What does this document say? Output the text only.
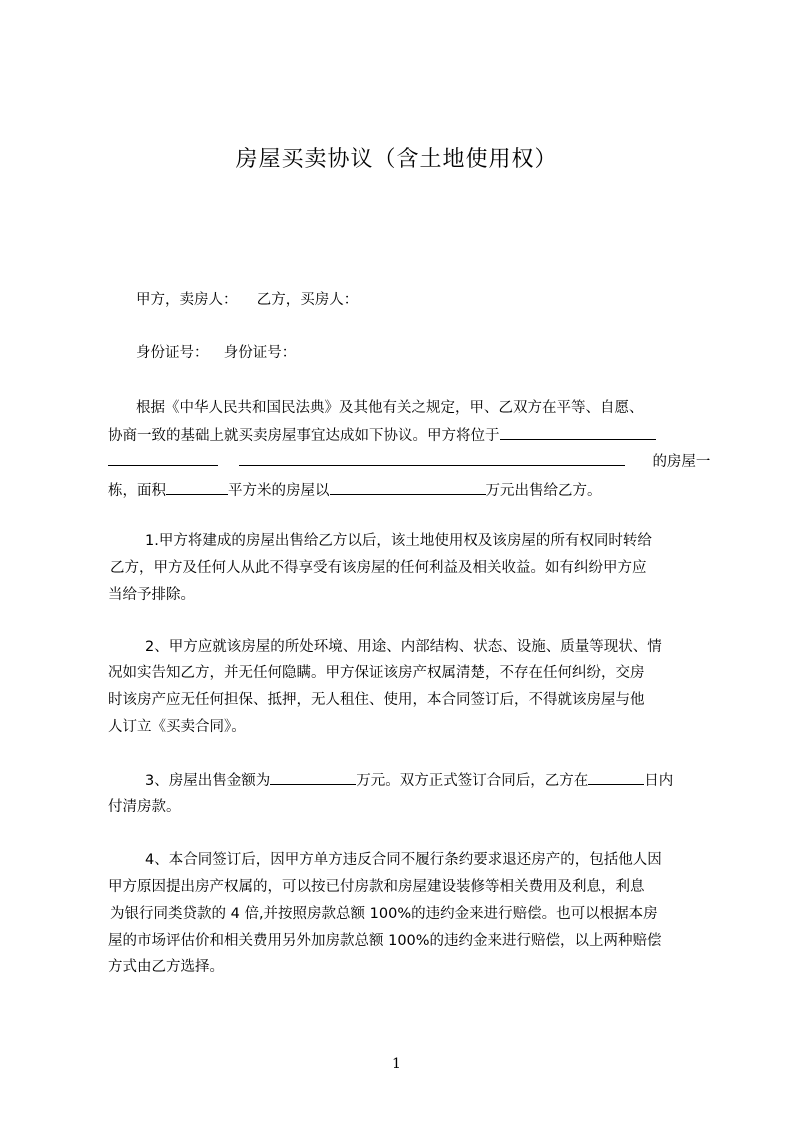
房屋买卖协议（含土地使用权）
甲方，卖房人： 乙方，买房人：
身份证号： 身份证号：
根据《中华人民共和国民法典》及其他有关之规定，甲、乙双方在平等、自愿、
协商一致的基础上就买卖房屋事宜达成如下协议。甲方将位于
的房屋一
栋，面积	平方米的房屋以	万元出售给乙方。
1.甲方将建成的房屋出售给乙方以后，该土地使用权及该房屋的所有权同时转给
乙方，甲方及任何人从此不得享受有该房屋的任何利益及相关收益。如有纠纷甲方应
当给予排除。
2、甲方应就该房屋的所处环境、用途、内部结构、状态、设施、质量等现状、情
况如实告知乙方，并无任何隐瞒。甲方保证该房产权属清楚，不存在任何纠纷，交房
时该房产应无任何担保、抵押，无人租住、使用，本合同签订后，不得就该房屋与他
人订立《买卖合同》。
3、房屋出售金额为	万元。双方正式签订合同后，乙方在	日内
付清房款。
4、本合同签订后，因甲方单方违反合同不履行条约要求退还房产的，包括他人因
甲方原因提出房产权属的，可以按已付房款和房屋建设装修等相关费用及利息，利息
为银行同类贷款的 4 倍,并按照房款总额 100%的违约金来进行赔偿。也可以根据本房
屋的市场评估价和相关费用另外加房款总额 100%的违约金来进行赔偿，以上两种赔偿
方式由乙方选择。
1
